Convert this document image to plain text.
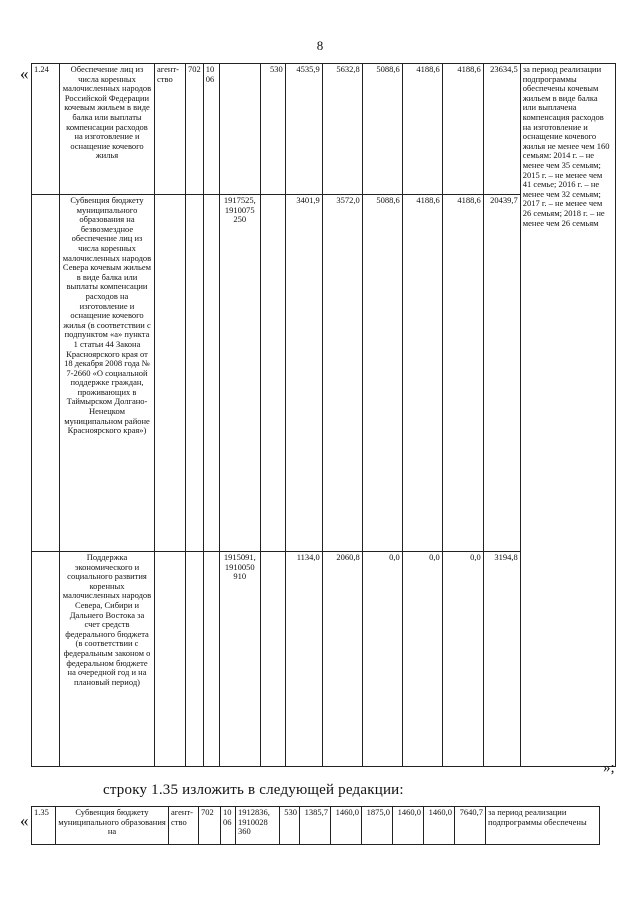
8
« 1.24	Обеспечение лиц из числа коренных малочисленных народов Российской Федерации кочевым жильем в виде балка или выплаты компенсации расходов на изготовление и оснащение кочевого жилья	агент-ство	702	10 06		530	4535,9	5632,8	5088,6	4188,6	4188,6	23634,5	за период реализации подпрограммы обеспечены кочевым жильем в виде балка или выплачена компенсация расходов на изготовление и оснащение кочевого жилья не менее чем 160 семьям: 2014 г. – не менее чем 35 семьям; 2015 г. – не менее чем 41 семье; 2016 г. – не менее чем 32 семьям; 2017 г. – не менее чем 26 семьям; 2018 г. – не менее чем 26 семьям
	Субвенция бюджету муниципального образования на безвозмездное обеспечение лиц из числа коренных малочисленных народов Севера кочевым жильем в виде балка или выплаты компенсации расходов на изготовление и оснащение кочевого жилья (в соответствии с подпунктом «а» пункта 1 статьи 44 Закона Красноярского края от 18 декабря 2008 года № 7-2660 «О социальной поддержке граждан, проживающих в Таймырском Долгано-Ненецком муниципальном районе Красноярского края»)				1917525, 1910075 250		3401,9	3572,0	5088,6	4188,6	4188,6	20439,7	
	Поддержка экономического и социального развития коренных малочисленных народов Севера, Сибири и Дальнего Востока за счет средств федерального бюджета (в соответствии с федеральным законом о федеральном бюджете на очередной год и на плановый период)				1915091, 1910050 910		1134,0	2060,8	0,0	0,0	0,0	3194,8	
»;
строку 1.35 изложить в следующей редакции:
« 1.35	Субвенция бюджету муниципального образования на	агент-ство	702	10 06	1912836, 1910028 360	530	1385,7	1460,0	1875,0	1460,0	1460,0	7640,7	за период реализации подпрограммы обеспечены
